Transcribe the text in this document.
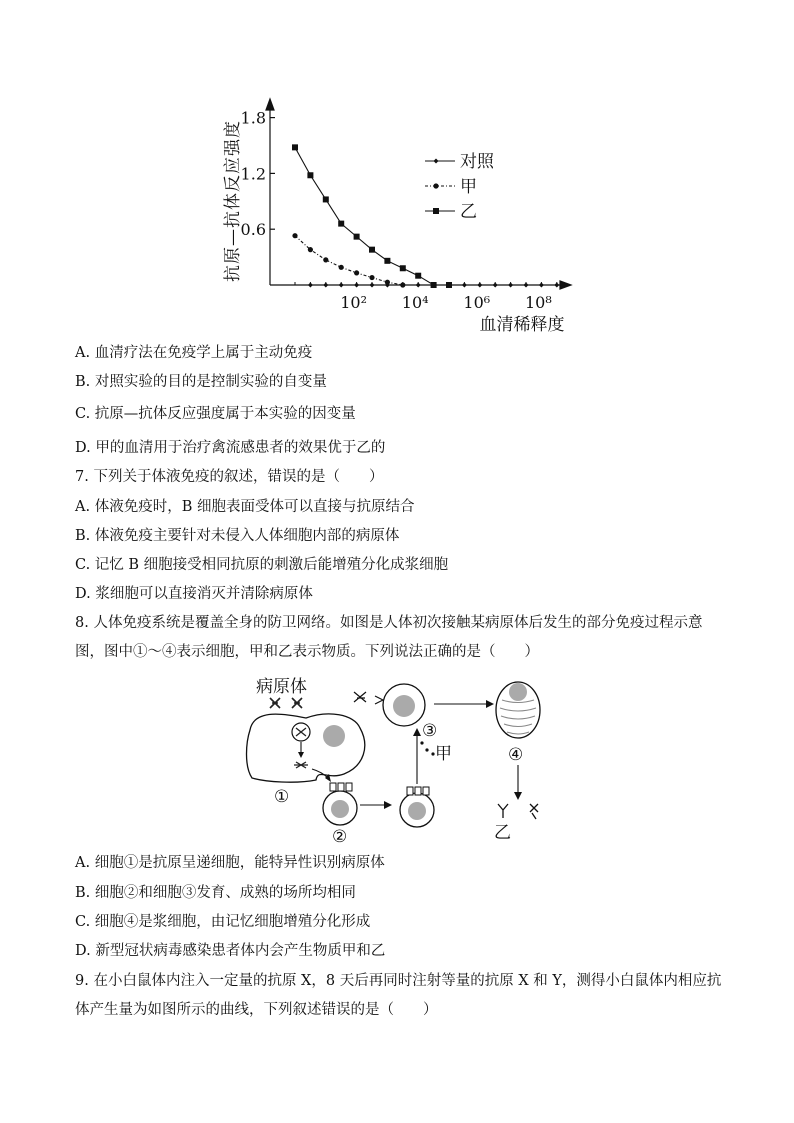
抗原—抗体反应强度
0.6
1.2
1.8
10² 10⁴ 10⁶ 10⁸
血清稀释度
对照
甲
乙
A. 血清疗法在免疫学上属于主动免疫
B. 对照实验的目的是控制实验的自变量
C. 抗原—抗体反应强度属于本实验的因变量
D. 甲的血清用于治疗禽流感患者的效果优于乙的
7. 下列关于体液免疫的叙述，错误的是（　　）
A. 体液免疫时，B 细胞表面受体可以直接与抗原结合
B. 体液免疫主要针对未侵入人体细胞内部的病原体
C. 记忆 B 细胞接受相同抗原的刺激后能增殖分化成浆细胞
D. 浆细胞可以直接消灭并清除病原体
8. 人体免疫系统是覆盖全身的防卫网络。如图是人体初次接触某病原体后发生的部分免疫过程示意图，图中①～④表示细胞，甲和乙表示物质。下列说法正确的是（　　）
病原体
①
②
甲
③
④
乙
A. 细胞①是抗原呈递细胞，能特异性识别病原体
B. 细胞②和细胞③发育、成熟的场所均相同
C. 细胞④是浆细胞，由记忆细胞增殖分化形成
D. 新型冠状病毒感染患者体内会产生物质甲和乙
9. 在小白鼠体内注入一定量的抗原 X，8 天后再同时注射等量的抗原 X 和 Y，测得小白鼠体内相应抗体产生量为如图所示的曲线，下列叙述错误的是（　　）
